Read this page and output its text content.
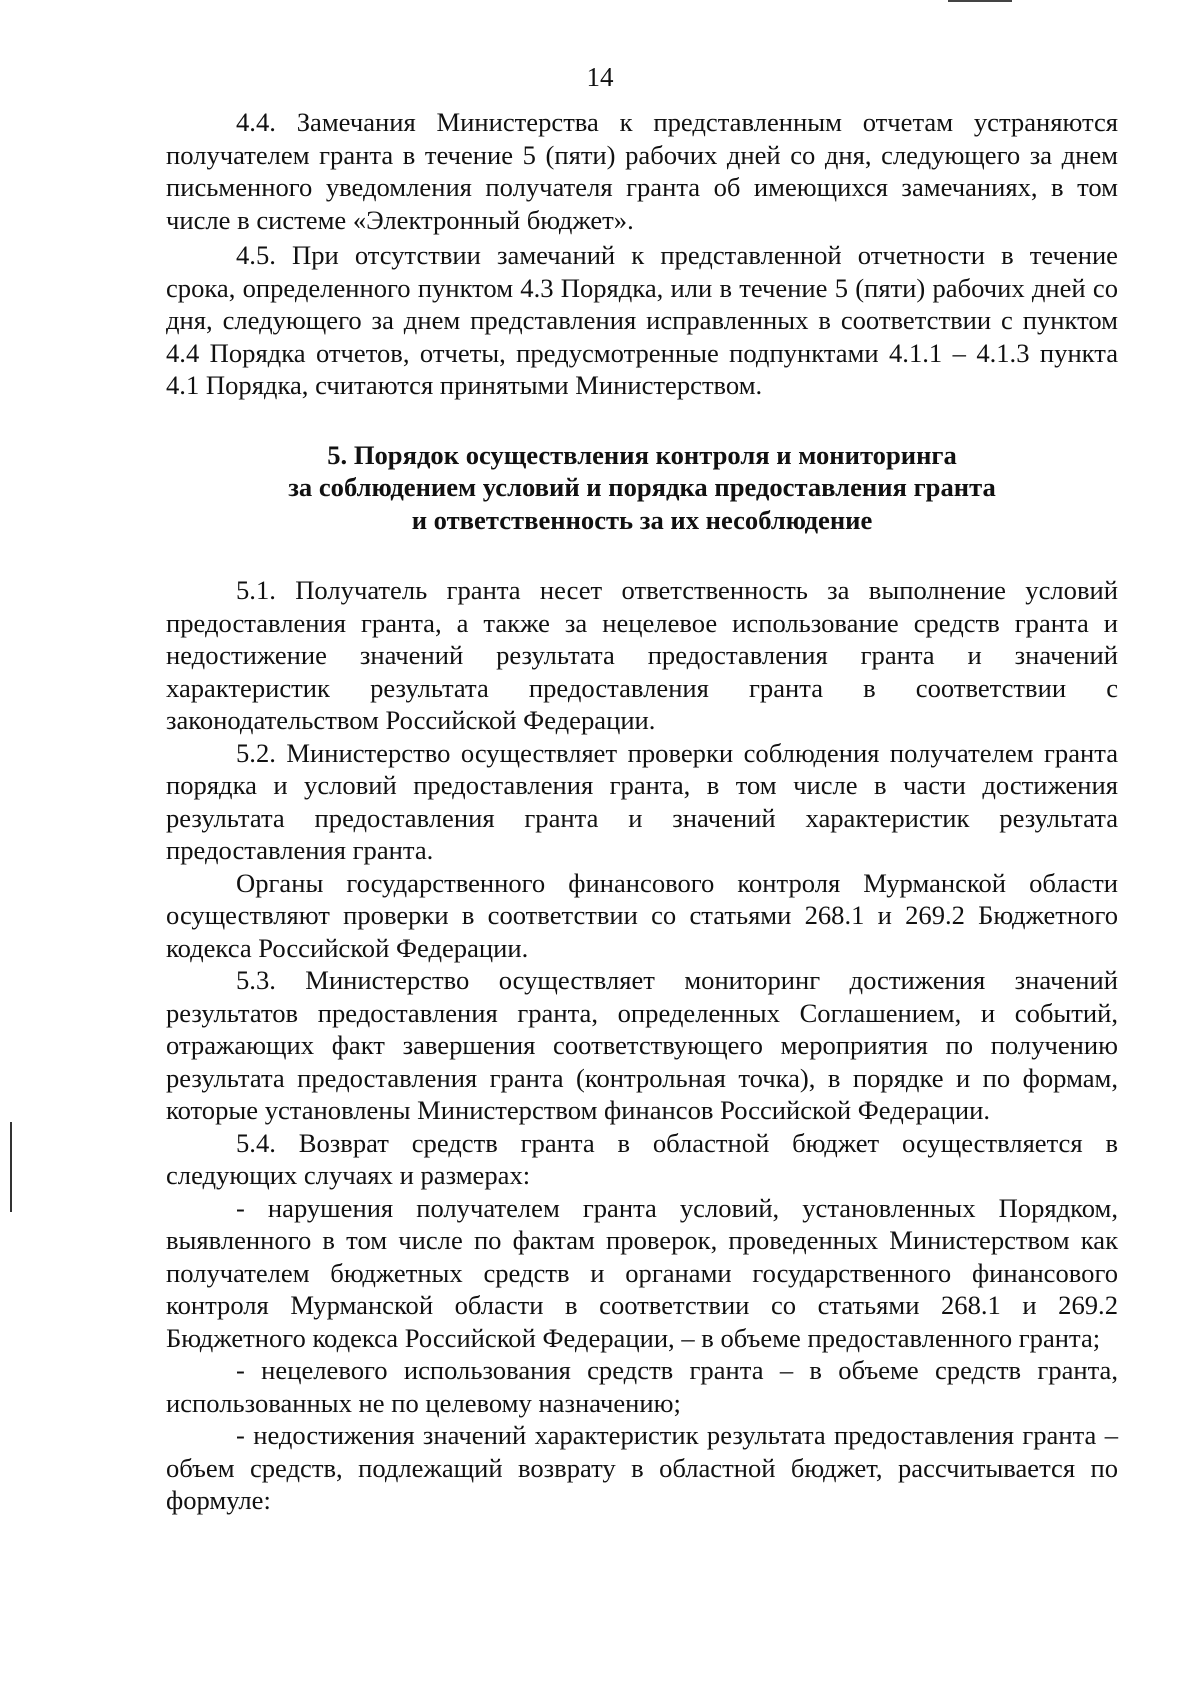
14

4.4. Замечания Министерства к представленным отчетам устраняются получателем гранта в течение 5 (пяти) рабочих дней со дня, следующего за днем письменного уведомления получателя гранта об имеющихся замечаниях, в том числе в системе «Электронный бюджет».

4.5. При отсутствии замечаний к представленной отчетности в течение срока, определенного пунктом 4.3 Порядка, или в течение 5 (пяти) рабочих дней со дня, следующего за днем представления исправленных в соответствии с пунктом 4.4 Порядка отчетов, отчеты, предусмотренные подпунктами 4.1.1 – 4.1.3 пункта 4.1 Порядка, считаются принятыми Министерством.

5. Порядок осуществления контроля и мониторинга
за соблюдением условий и порядка предоставления гранта
и ответственность за их несоблюдение

5.1. Получатель гранта несет ответственность за выполнение условий предоставления гранта, а также за нецелевое использование средств гранта и недостижение значений результата предоставления гранта и значений характеристик результата предоставления гранта в соответствии с законодательством Российской Федерации.

5.2. Министерство осуществляет проверки соблюдения получателем гранта порядка и условий предоставления гранта, в том числе в части достижения результата предоставления гранта и значений характеристик результата предоставления гранта.

Органы государственного финансового контроля Мурманской области осуществляют проверки в соответствии со статьями 268.1 и 269.2 Бюджетного кодекса Российской Федерации.

5.3. Министерство осуществляет мониторинг достижения значений результатов предоставления гранта, определенных Соглашением, и событий, отражающих факт завершения соответствующего мероприятия по получению результата предоставления гранта (контрольная точка), в порядке и по формам, которые установлены Министерством финансов Российской Федерации.

5.4. Возврат средств гранта в областной бюджет осуществляется в следующих случаях и размерах:

- нарушения получателем гранта условий, установленных Порядком, выявленного в том числе по фактам проверок, проведенных Министерством как получателем бюджетных средств и органами государственного финансового контроля Мурманской области в соответствии со статьями 268.1 и 269.2 Бюджетного кодекса Российской Федерации, – в объеме предоставленного гранта;

- нецелевого использования средств гранта – в объеме средств гранта, использованных не по целевому назначению;

- недостижения значений характеристик результата предоставления гранта – объем средств, подлежащий возврату в областной бюджет, рассчитывается по формуле:
